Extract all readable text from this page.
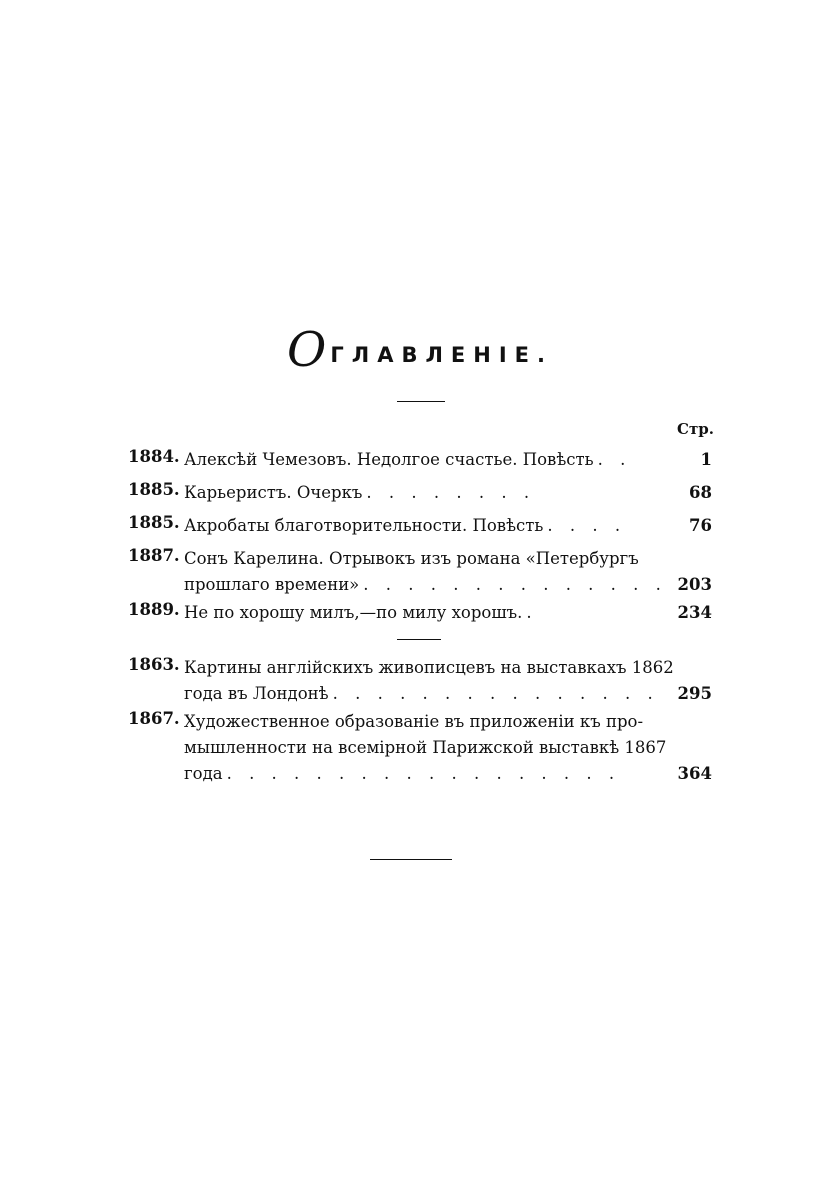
ОГЛАВЛЕНІЕ.
Стр.
1884. Алексѣй Чемезовъ. Недолгое счастье. Повѣсть . .	1
1885. Карьеристъ. Очеркъ . . . . . . . .	68
1885. Акробаты благотворительности. Повѣсть . . . .	76
1887. Сонъ Карелина. Отрывокъ изъ романа «Петербургъ
прошлаго времени» . . . . . . . . . . . . . . 203
1889. Не по хорошу милъ,—по милу хорошъ. .	234
1863. Картины англійскихъ живописцевъ на выставкахъ 1862
года въ Лондонѣ . . . . . . . . . . . . . . . 295
1867. Художественное образованіе въ приложеніи къ про-
мышленности на всемірной Парижской выставкѣ 1867
года . . . . . . . . . . . . . . . . . .	364
